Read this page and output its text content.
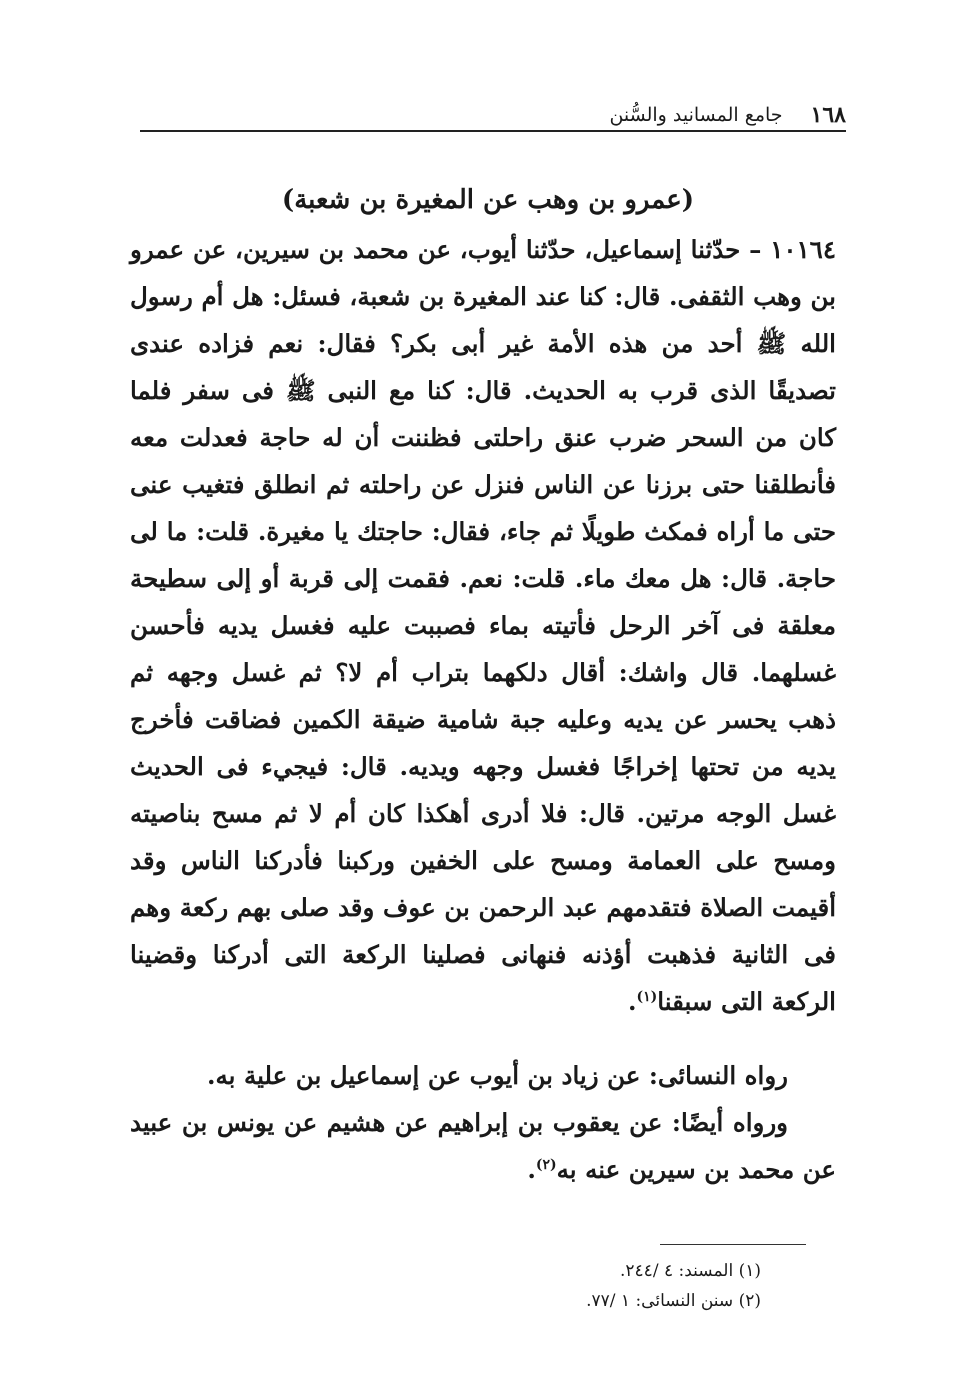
١٦٨
جامع المسانيد والسُّنن
(عمرو بن وهب عن المغيرة بن شعبة)
١٠١٦٤ – حدّثنا إسماعيل، حدّثنا أيوب، عن محمد بن سيرين، عن عمرو بن وهب الثقفى. قال: كنا عند المغيرة بن شعبة، فسئل: هل أم رسول الله ﷺ أحد من هذه الأمة غير أبى بكر؟ فقال: نعم فزاده عندى تصديقًا الذى قرب به الحديث. قال: كنا مع النبى ﷺ فى سفر فلما كان من السحر ضرب عنق راحلتى فظننت أن له حاجة فعدلت معه فأنطلقنا حتى برزنا عن الناس فنزل عن راحلته ثم انطلق فتغيب عنى حتى ما أراه فمكث طويلًا ثم جاء، فقال: حاجتك يا مغيرة. قلت: ما لى حاجة. قال: هل معك ماء. قلت: نعم. فقمت إلى قربة أو إلى سطيحة معلقة فى آخر الرحل فأتيته بماء فصببت عليه فغسل يديه فأحسن غسلهما. قال واشك: أقال دلكهما بتراب أم لا؟ ثم غسل وجهه ثم ذهب يحسر عن يديه وعليه جبة شامية ضيقة الكمين فضاقت فأخرج يديه من تحتها إخراجًا فغسل وجهه ويديه. قال: فيجيء فى الحديث غسل الوجه مرتين. قال: فلا أدرى أهكذا كان أم لا ثم مسح بناصيته ومسح على العمامة ومسح على الخفين وركبنا فأدركنا الناس وقد أقيمت الصلاة فتقدمهم عبد الرحمن بن عوف وقد صلى بهم ركعة وهم فى الثانية فذهبت أؤذنه فنهانى فصلينا الركعة التى أدركنا وقضينا الركعة التى سبقنا$^{(١)}$.

رواه النسائى: عن زياد بن أيوب عن إسماعيل بن علية به.

ورواه أيضًا: عن يعقوب بن إبراهيم عن هشيم عن يونس بن عبيد عن محمد بن سيرين عنه به$^{(٢)}$.

(١) المسند: ٤ /٢٤٤.
(٢) سنن النسائى: ١ /٧٧.
